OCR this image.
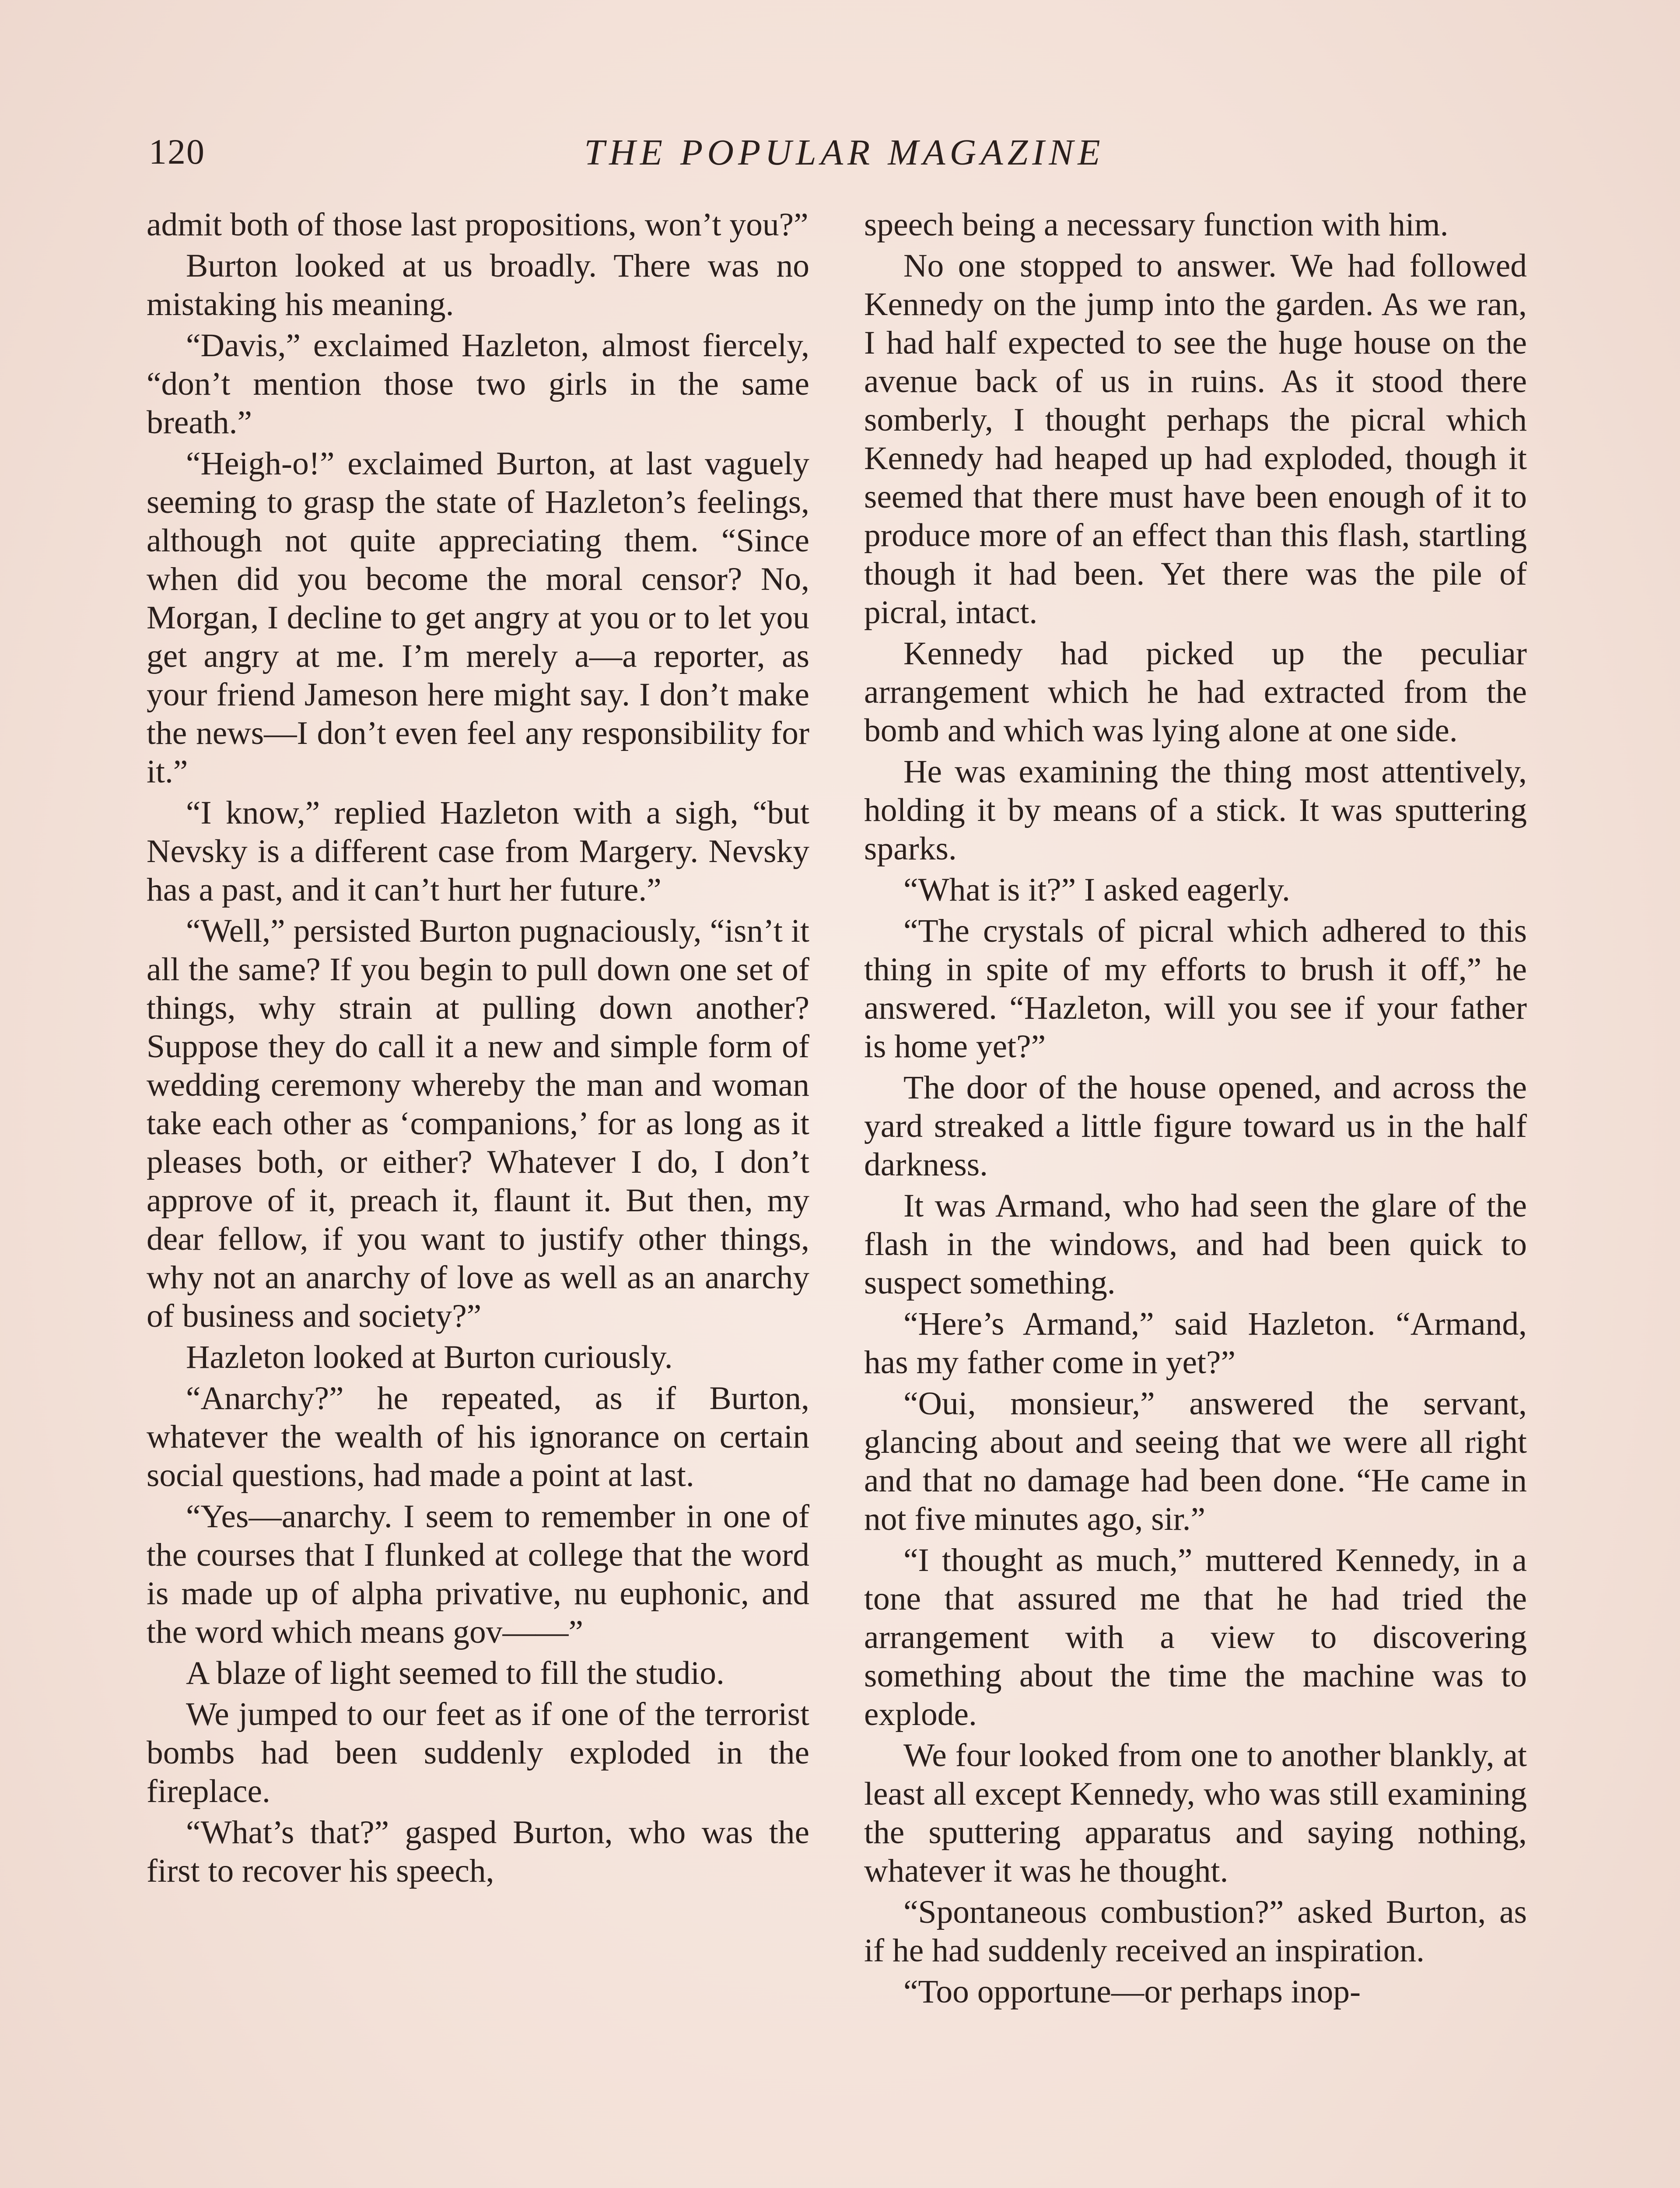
120	THE POPULAR MAGAZINE

admit both of those last propositions, won’t you?”

Burton looked at us broadly. There was no mistaking his meaning.

“Davis,” exclaimed Hazleton, almost fiercely, “don’t mention those two girls in the same breath.”

“Heigh-o!” exclaimed Burton, at last vaguely seeming to grasp the state of Hazleton’s feelings, although not quite appreciating them. “Since when did you become the moral censor? No, Morgan, I decline to get angry at you or to let you get angry at me. I’m merely a—a reporter, as your friend Jameson here might say. I don’t make the news—I don’t even feel any responsibility for it.”

“I know,” replied Hazleton with a sigh, “but Nevsky is a different case from Margery. Nevsky has a past, and it can’t hurt her future.”

“Well,” persisted Burton pugnaciously, “isn’t it all the same? If you begin to pull down one set of things, why strain at pulling down another? Suppose they do call it a new and simple form of wedding ceremony whereby the man and woman take each other as ‘companions,’ for as long as it pleases both, or either? Whatever I do, I don’t approve of it, preach it, flaunt it. But then, my dear fellow, if you want to justify other things, why not an anarchy of love as well as an anarchy of business and society?”

Hazleton looked at Burton curiously.

“Anarchy?” he repeated, as if Burton, whatever the wealth of his ignorance on certain social questions, had made a point at last.

“Yes—anarchy. I seem to remember in one of the courses that I flunked at college that the word is made up of alpha privative, nu euphonic, and the word which means gov——”

A blaze of light seemed to fill the studio.

We jumped to our feet as if one of the terrorist bombs had been suddenly exploded in the fireplace.

“What’s that?” gasped Burton, who was the first to recover his speech,

speech being a necessary function with him.

No one stopped to answer. We had followed Kennedy on the jump into the garden. As we ran, I had half expected to see the huge house on the avenue back of us in ruins. As it stood there somberly, I thought perhaps the picral which Kennedy had heaped up had exploded, though it seemed that there must have been enough of it to produce more of an effect than this flash, startling though it had been. Yet there was the pile of picral, intact.

Kennedy had picked up the peculiar arrangement which he had extracted from the bomb and which was lying alone at one side.

He was examining the thing most attentively, holding it by means of a stick. It was sputtering sparks.

“What is it?” I asked eagerly.

“The crystals of picral which adhered to this thing in spite of my efforts to brush it off,” he answered. “Hazleton, will you see if your father is home yet?”

The door of the house opened, and across the yard streaked a little figure toward us in the half darkness.

It was Armand, who had seen the glare of the flash in the windows, and had been quick to suspect something.

“Here’s Armand,” said Hazleton. “Armand, has my father come in yet?”

“Oui, monsieur,” answered the servant, glancing about and seeing that we were all right and that no damage had been done. “He came in not five minutes ago, sir.”

“I thought as much,” muttered Kennedy, in a tone that assured me that he had tried the arrangement with a view to discovering something about the time the machine was to explode.

We four looked from one to another blankly, at least all except Kennedy, who was still examining the sputtering apparatus and saying nothing, whatever it was he thought.

“Spontaneous combustion?” asked Burton, as if he had suddenly received an inspiration.

“Too opportune—or perhaps inop-
